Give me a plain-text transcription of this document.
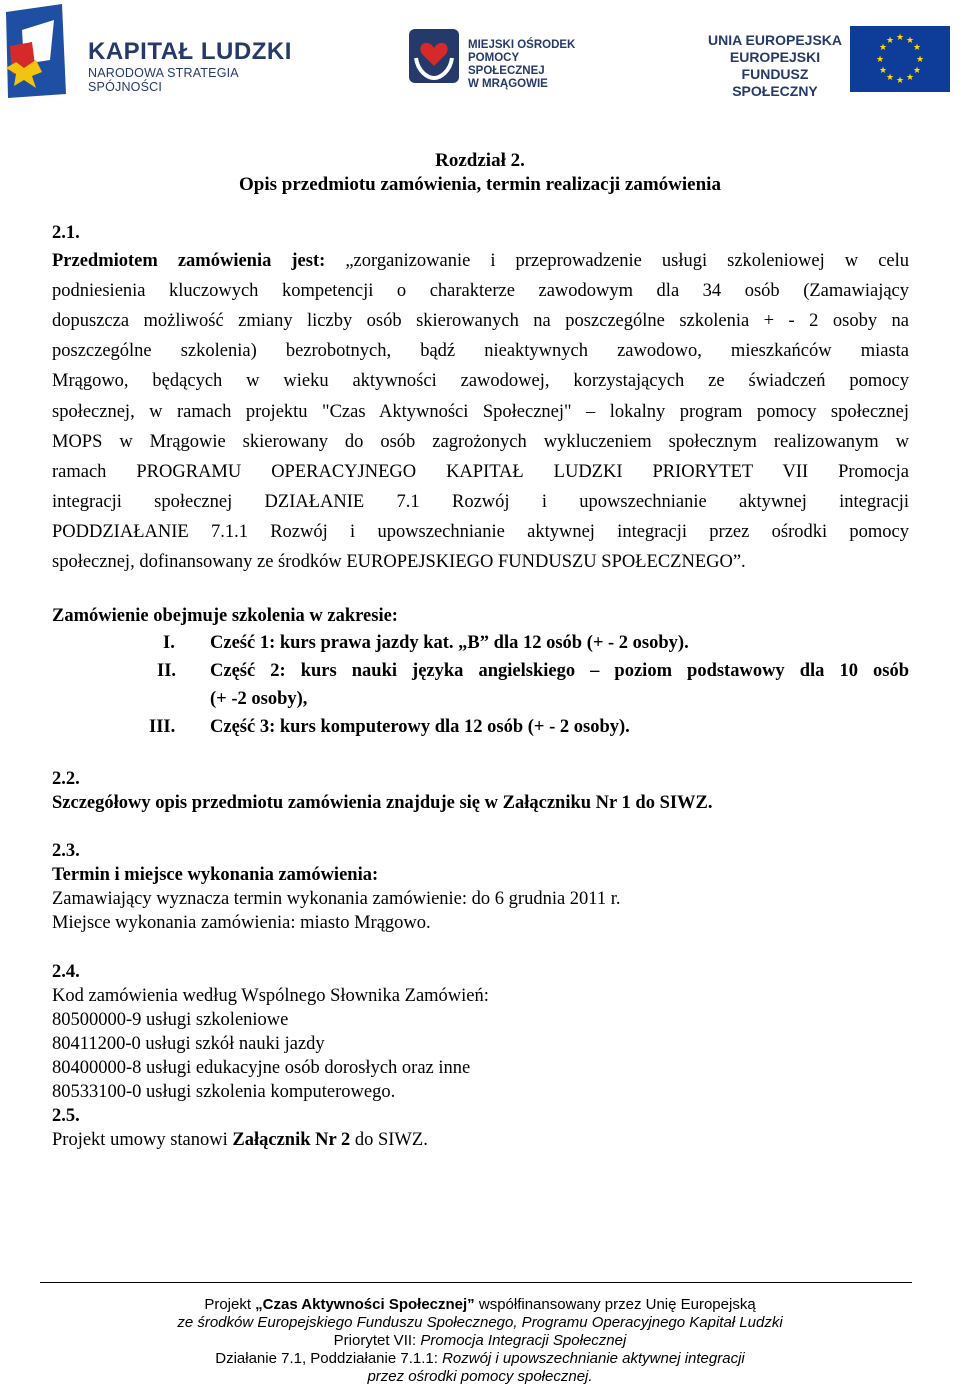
KAPITAŁ LUDZKI
NARODOWA STRATEGIA SPÓJNOŚCI
MIEJSKI OŚRODEK
POMOCY SPOŁECZNEJ
W MRĄGOWIE
UNIA EUROPEJSKA
EUROPEJSKI
FUNDUSZ SPOŁECZNY
★ ★
★
★
★
★
★
★
★
★
★
★
Rozdział 2.
Opis przedmiotu zamówienia, termin realizacji zamówienia
2.1.
Przedmiotem zamówienia jest: „zorganizowanie i przeprowadzenie usługi szkoleniowej w celu
podniesienia kluczowych kompetencji o charakterze zawodowym dla 34 osób (Zamawiający
dopuszcza możliwość zmiany liczby osób skierowanych na poszczególne szkolenia + - 2 osoby na
poszczególne szkolenia) bezrobotnych, bądź nieaktywnych zawodowo, mieszkańców miasta
Mrągowo, będących w wieku aktywności zawodowej, korzystających ze świadczeń pomocy
społecznej, w ramach projektu "Czas Aktywności Społecznej" – lokalny program pomocy społecznej
MOPS w Mrągowie skierowany do osób zagrożonych wykluczeniem społecznym realizowanym w
ramach PROGRAMU OPERACYJNEGO KAPITAŁ LUDZKI PRIORYTET VII Promocja
integracji społecznej DZIAŁANIE 7.1 Rozwój i upowszechnianie aktywnej integracji
PODDZIAŁANIE 7.1.1 Rozwój i upowszechnianie aktywnej integracji przez ośrodki pomocy
społecznej, dofinansowany ze środków EUROPEJSKIEGO FUNDUSZU SPOŁECZNEGO”.
Zamówienie obejmuje szkolenia w zakresie:
I. Cześć 1: kurs prawa jazdy kat. „B” dla 12 osób (+ - 2 osoby).
II. Część 2: kurs nauki języka angielskiego – poziom podstawowy dla 10 osób
(+ -2 osoby),
III. Część 3: kurs komputerowy dla 12 osób (+ - 2 osoby).
2.2.
Szczegółowy opis przedmiotu zamówienia znajduje się w Załączniku Nr 1 do SIWZ.
2.3.
Termin i miejsce wykonania zamówienia:
Zamawiający wyznacza termin wykonania zamówienie: do 6 grudnia 2011 r.
Miejsce wykonania zamówienia: miasto Mrągowo.
2.4.
Kod zamówienia według Wspólnego Słownika Zamówień:
80500000-9 usługi szkoleniowe
80411200-0 usługi szkół nauki jazdy
80400000-8 usługi edukacyjne osób dorosłych oraz inne
80533100-0 usługi szkolenia komputerowego.
2.5.
Projekt umowy stanowi Załącznik Nr 2 do SIWZ.
Projekt „Czas Aktywności Społecznej” współfinansowany przez Unię Europejską
ze środków Europejskiego Funduszu Społecznego, Programu Operacyjnego Kapitał Ludzki
Priorytet VII: Promocja Integracji Społecznej
Działanie 7.1, Poddziałanie 7.1.1: Rozwój i upowszechnianie aktywnej integracji
przez ośrodki pomocy społecznej.
